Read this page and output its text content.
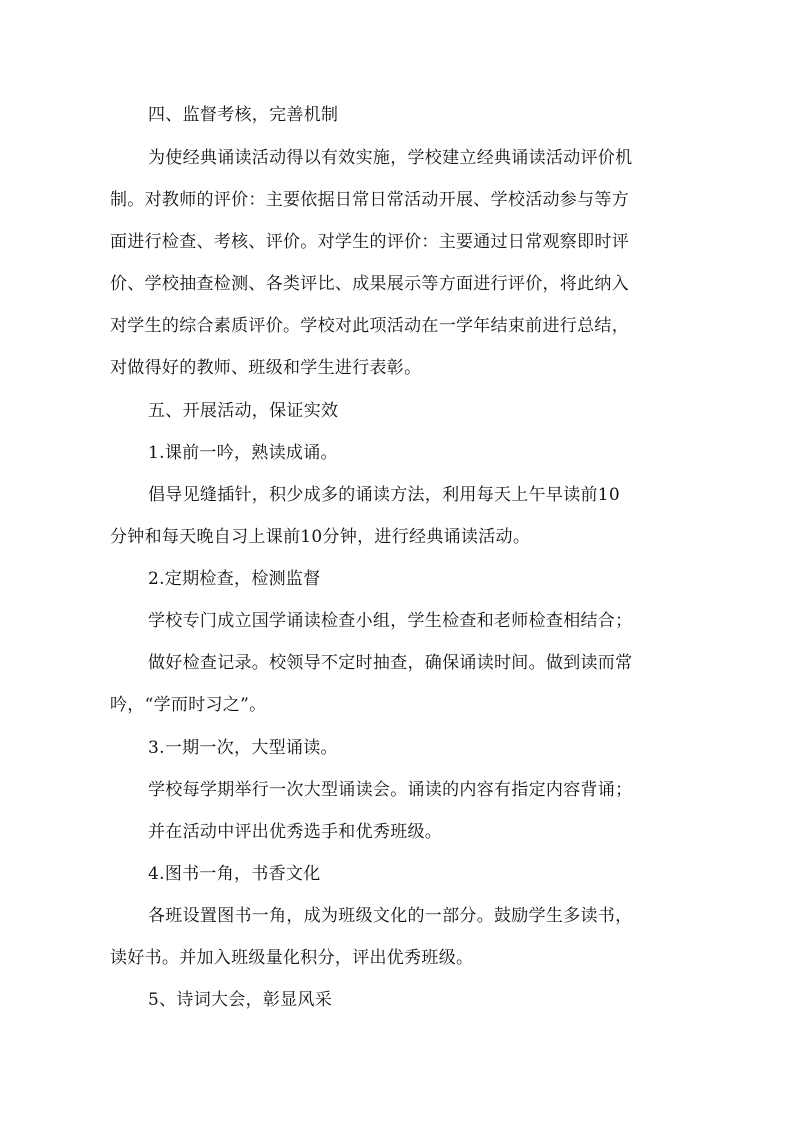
四、监督考核，完善机制
为使经典诵读活动得以有效实施，学校建立经典诵读活动评价机
制。对教师的评价：主要依据日常日常活动开展、学校活动参与等方
面进行检查、考核、评价。对学生的评价：主要通过日常观察即时评
价、学校抽查检测、各类评比、成果展示等方面进行评价，将此纳入
对学生的综合素质评价。学校对此项活动在一学年结束前进行总结，
对做得好的教师、班级和学生进行表彰。
五、开展活动，保证实效
1.课前一吟，熟读成诵。
倡导见缝插针，积少成多的诵读方法，利用每天上午早读前10
分钟和每天晚自习上课前10分钟，进行经典诵读活动。
2.定期检查，检测监督
学校专门成立国学诵读检查小组，学生检查和老师检查相结合；
做好检查记录。校领导不定时抽查，确保诵读时间。做到读而常
吟，“学而时习之”。
3.一期一次，大型诵读。
学校每学期举行一次大型诵读会。诵读的内容有指定内容背诵；
并在活动中评出优秀选手和优秀班级。
4.图书一角，书香文化
各班设置图书一角，成为班级文化的一部分。鼓励学生多读书，
读好书。并加入班级量化积分，评出优秀班级。
5、诗词大会，彰显风采
